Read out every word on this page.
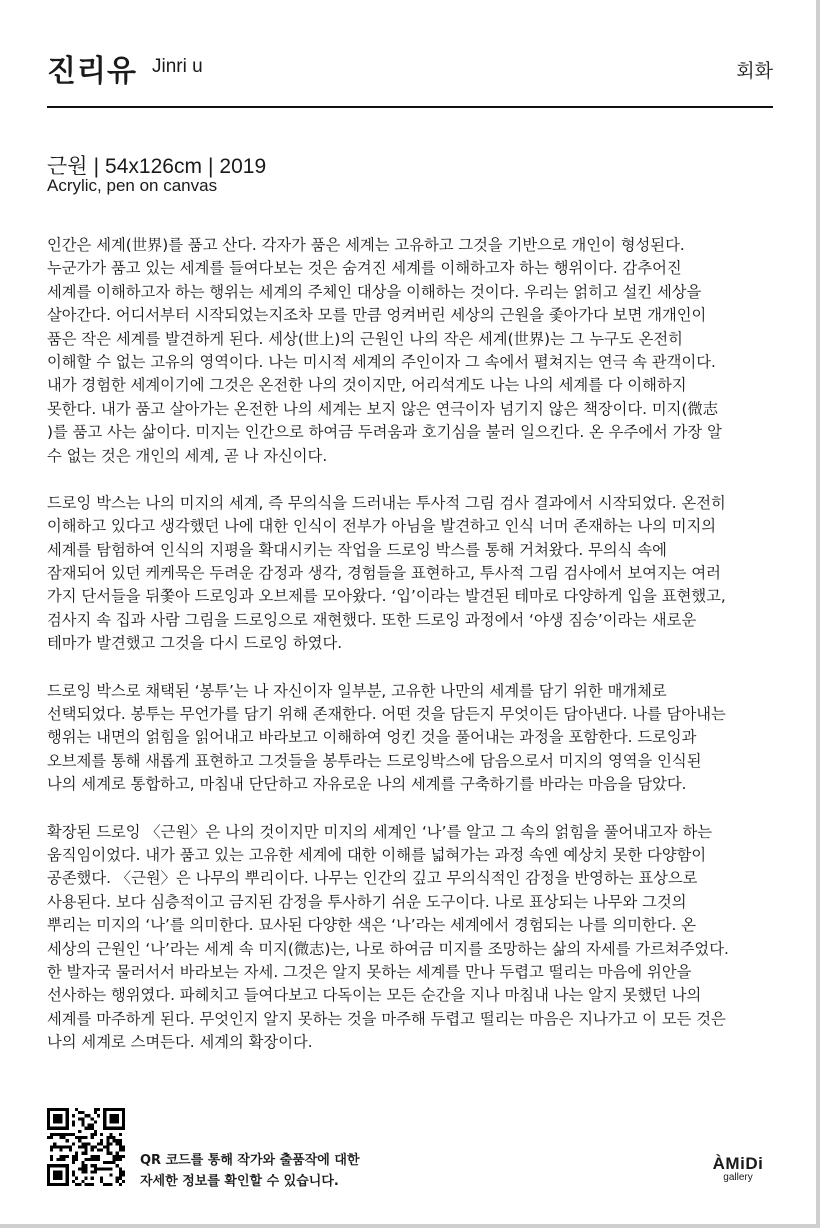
진리유 Jinri u	회화
근원 | 54x126cm | 2019
Acrylic, pen on canvas
인간은 세계(世界)를 품고 산다. 각자가 품은 세계는 고유하고 그것을 기반으로 개인이 형성된다.
누군가가 품고 있는 세계를 들여다보는 것은 숨겨진 세계를 이해하고자 하는 행위이다. 감추어진
세계를 이해하고자 하는 행위는 세계의 주체인 대상을 이해하는 것이다. 우리는 얽히고 설킨 세상을
살아간다. 어디서부터 시작되었는지조차 모를 만큼 엉켜버린 세상의 근원을 좇아가다 보면 개개인이
품은 작은 세계를 발견하게 된다. 세상(世上)의 근원인 나의 작은 세계(世界)는 그 누구도 온전히
이해할 수 없는 고유의 영역이다. 나는 미시적 세계의 주인이자 그 속에서 펼쳐지는 연극 속 관객이다.
내가 경험한 세계이기에 그것은 온전한 나의 것이지만, 어리석게도 나는 나의 세계를 다 이해하지
못한다. 내가 품고 살아가는 온전한 나의 세계는 보지 않은 연극이자 넘기지 않은 책장이다. 미지(微志
)를 품고 사는 삶이다. 미지는 인간으로 하여금 두려움과 호기심을 불러 일으킨다. 온 우주에서 가장 알
수 없는 것은 개인의 세계, 곧 나 자신이다.
드로잉 박스는 나의 미지의 세계, 즉 무의식을 드러내는 투사적 그림 검사 결과에서 시작되었다. 온전히
이해하고 있다고 생각했던 나에 대한 인식이 전부가 아님을 발견하고 인식 너머 존재하는 나의 미지의
세계를 탐험하여 인식의 지평을 확대시키는 작업을 드로잉 박스를 통해 거쳐왔다. 무의식 속에
잠재되어 있던 케케묵은 두려운 감정과 생각, 경험들을 표현하고, 투사적 그림 검사에서 보여지는 여러
가지 단서들을 뒤쫓아 드로잉과 오브제를 모아왔다. ‘입’이라는 발견된 테마로 다양하게 입을 표현했고,
검사지 속 집과 사람 그림을 드로잉으로 재현했다. 또한 드로잉 과정에서 ‘야생 짐승’이라는 새로운
테마가 발견했고 그것을 다시 드로잉 하였다.
드로잉 박스로 채택된 ‘봉투’는 나 자신이자 일부분, 고유한 나만의 세계를 담기 위한 매개체로
선택되었다. 봉투는 무언가를 담기 위해 존재한다. 어떤 것을 담든지 무엇이든 담아낸다. 나를 담아내는
행위는 내면의 얽힘을 읽어내고 바라보고 이해하여 엉킨 것을 풀어내는 과정을 포함한다. 드로잉과
오브제를 통해 새롭게 표현하고 그것들을 봉투라는 드로잉박스에 담음으로서 미지의 영역을 인식된
나의 세계로 통합하고, 마침내 단단하고 자유로운 나의 세계를 구축하기를 바라는 마음을 담았다.
확장된 드로잉 〈근원〉은 나의 것이지만 미지의 세계인 ‘나’를 알고 그 속의 얽힘을 풀어내고자 하는
움직임이었다. 내가 품고 있는 고유한 세계에 대한 이해를 넓혀가는 과정 속엔 예상치 못한 다양함이
공존했다. 〈근원〉은 나무의 뿌리이다. 나무는 인간의 깊고 무의식적인 감정을 반영하는 표상으로
사용된다. 보다 심층적이고 금지된 감정을 투사하기 쉬운 도구이다. 나로 표상되는 나무와 그것의
뿌리는 미지의 ‘나’를 의미한다. 묘사된 다양한 색은 ‘나’라는 세계에서 경험되는 나를 의미한다. 온
세상의 근원인 ‘나’라는 세계 속 미지(微志)는, 나로 하여금 미지를 조망하는 삶의 자세를 가르쳐주었다.
한 발자국 물러서서 바라보는 자세. 그것은 알지 못하는 세계를 만나 두렵고 떨리는 마음에 위안을
선사하는 행위였다. 파헤치고 들여다보고 다독이는 모든 순간을 지나 마침내 나는 알지 못했던 나의
세계를 마주하게 된다. 무엇인지 알지 못하는 것을 마주해 두렵고 떨리는 마음은 지나가고 이 모든 것은
나의 세계로 스며든다. 세계의 확장이다.
QR 코드를 통해 작가와 출품작에 대한
자세한 정보를 확인할 수 있습니다.
ÀMiDi
gallery
